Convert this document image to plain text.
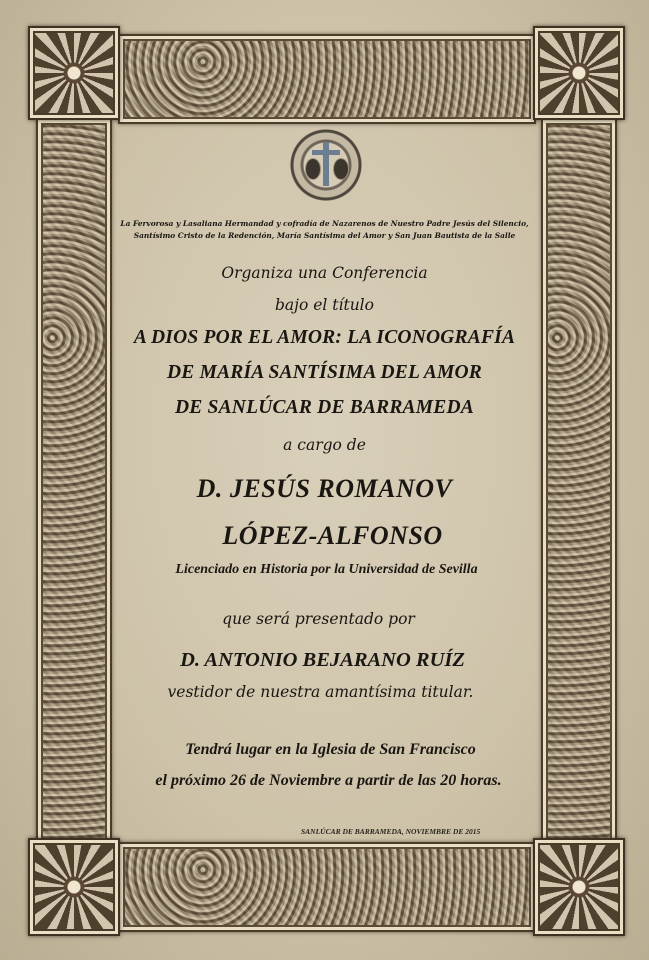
La Fervorosa y Lasaliana Hermandad y cofradía de Nazarenos de Nuestro Padre Jesús del Silencio,
Santísimo Cristo de la Redención, María Santísima del Amor y San Juan Bautista de la Salle
Organiza una Conferencia
bajo el título
A DIOS POR EL AMOR: LA ICONOGRAFÍA
DE MARÍA SANTÍSIMA DEL AMOR
DE SANLÚCAR DE BARRAMEDA
a cargo de
D. JESÚS ROMANOV
LÓPEZ-ALFONSO
Licenciado en Historia por la Universidad de Sevilla
que será presentado por
D. ANTONIO BEJARANO RUÍZ
vestidor de nuestra amantísima titular.
Tendrá lugar en la Iglesia de San Francisco
el próximo 26 de Noviembre a partir de las 20 horas.
SANLÚCAR DE BARRAMEDA, NOVIEMBRE DE 2015
